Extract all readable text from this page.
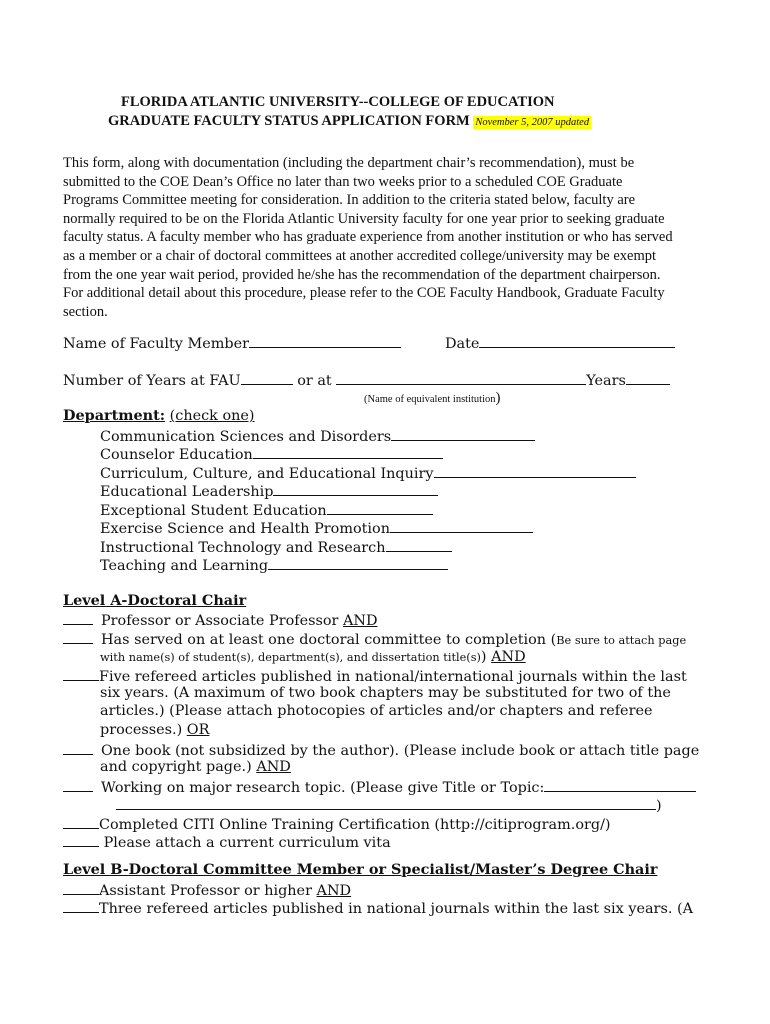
FLORIDA ATLANTIC UNIVERSITY--COLLEGE OF EDUCATION
GRADUATE FACULTY STATUS APPLICATION FORM November 5, 2007 updated
This form, along with documentation (including the department chair’s recommendation), must be
submitted to the COE Dean’s Office no later than two weeks prior to a scheduled COE Graduate
Programs Committee meeting for consideration. In addition to the criteria stated below, faculty are
normally required to be on the Florida Atlantic University faculty for one year prior to seeking graduate
faculty status. A faculty member who has graduate experience from another institution or who has served
as a member or a chair of doctoral committees at another accredited college/university may be exempt
from the one year wait period, provided he/she has the recommendation of the department chairperson.
For additional detail about this procedure, please refer to the COE Faculty Handbook, Graduate Faculty
section.
Name of Faculty Member	Date
Number of Years at FAU	or at	Years
(Name of equivalent institution)
Department: (check one)
Communication Sciences and Disorders
Counselor Education
Curriculum, Culture, and Educational Inquiry
Educational Leadership
Exceptional Student Education
Exercise Science and Health Promotion
Instructional Technology and Research
Teaching and Learning
Level A-Doctoral Chair
Professor or Associate Professor AND
Has served on at least one doctoral committee to completion (Be sure to attach page
with name(s) of student(s), department(s), and dissertation title(s)) AND
Five refereed articles published in national/international journals within the last
six years. (A maximum of two book chapters may be substituted for two of the
articles.) (Please attach photocopies of articles and/or chapters and referee
processes.) OR
One book (not subsidized by the author). (Please include book or attach title page
and copyright page.) AND
Working on major research topic. (Please give Title or Topic:
)
Completed CITI Online Training Certification (http://citiprogram.org/)
Please attach a current curriculum vita
Level B-Doctoral Committee Member or Specialist/Master’s Degree Chair
Assistant Professor or higher AND
Three refereed articles published in national journals within the last six years. (A
